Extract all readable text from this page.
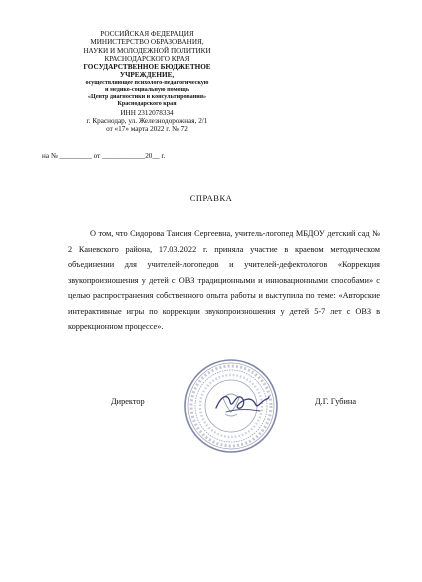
РОССИЙСКАЯ ФЕДЕРАЦИЯ
МИНИСТЕРСТВО ОБРАЗОВАНИЯ,
НАУКИ И МОЛОДЕЖНОЙ ПОЛИТИКИ
КРАСНОДАРСКОГО КРАЯ
ГОСУДАРСТВЕННОЕ БЮДЖЕТНОЕ
УЧРЕЖДЕНИЕ,
осуществляющее психолого-педагогическую
и медико-социальную помощь
«Центр диагностики и консультирования»
Краснодарского края
ИНН 2312078334
г. Краснодар, ул. Железнодорожная, 2/1
от «17» марта 2022 г. № 72
на № _________ от ____________20__ г.
СПРАВКА

О том, что Сидорова Таисия Сергеевна, учитель-логопед МБДОУ детский сад № 2 Каневского района, 17.03.2022 г. приняла участие в краевом методическом объединении для учителей-логопедов и учителей-дефектологов «Коррекция звукопроизношения у детей с ОВЗ традиционными и инновационными способами» с целью распространения собственного опыта работы и выступила по теме: «Авторские интерактивные игры по коррекции звукопроизношения у детей 5-7 лет с ОВЗ в коррекционном процессе».

Директор	Д.Г. Губина
